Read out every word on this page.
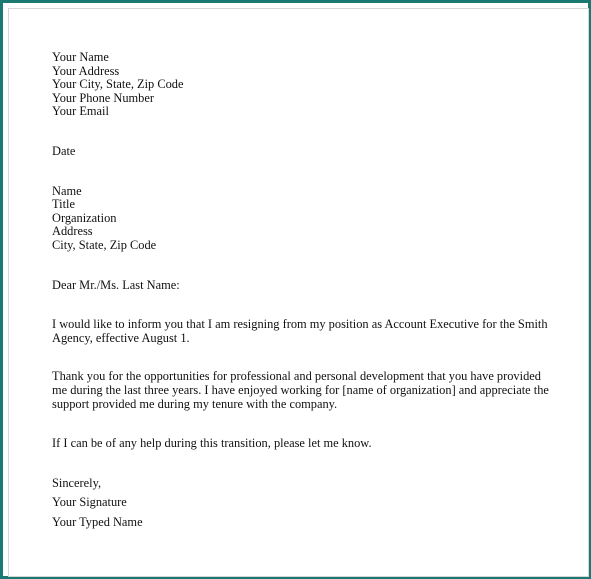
Your Name
Your Address
Your City, State, Zip Code
Your Phone Number
Your Email
Date
Name
Title
Organization
Address
City, State, Zip Code
Dear Mr./Ms. Last Name:
I would like to inform you that I am resigning from my position as Account Executive for the Smith Agency, effective August 1.
Thank you for the opportunities for professional and personal development that you have provided me during the last three years. I have enjoyed working for [name of organization] and appreciate the support provided me during my tenure with the company.
If I can be of any help during this transition, please let me know.
Sincerely,
Your Signature
Your Typed Name
